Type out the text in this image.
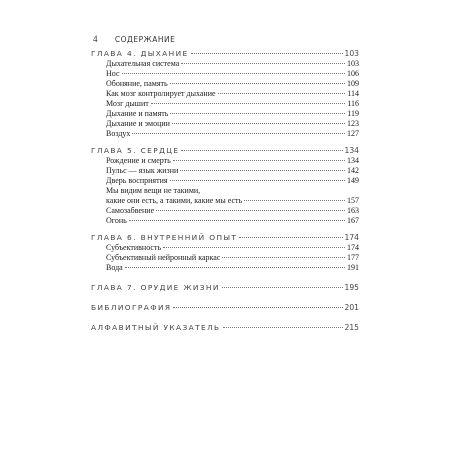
4 СОДЕРЖАНИЕ
ГЛАВА 4. ДЫХАНИЕ	103
Дыхательная система	103
Нос	106
Обоняние, память	109
Как мозг контролирует дыхание	114
Мозг дышит	116
Дыхание и память	119
Дыхание и эмоции	123
Воздух	127
ГЛАВА 5. СЕРДЦЕ	134
Рождение и смерть	134
Пульс — язык жизни	142
Дверь восприятия	149
Мы видим вещи не такими,
какие они есть, а такими, какие мы есть	157
Самозабвение	163
Огонь	167
ГЛАВА 6. ВНУТРЕННИЙ ОПЫТ	174
Субъективность	174
Субъективный нейронный каркас	177
Вода	191
ГЛАВА 7. ОРУДИЕ ЖИЗНИ	195
БИБЛИОГРАФИЯ	201
АЛФАВИТНЫЙ УКАЗАТЕЛЬ	215
